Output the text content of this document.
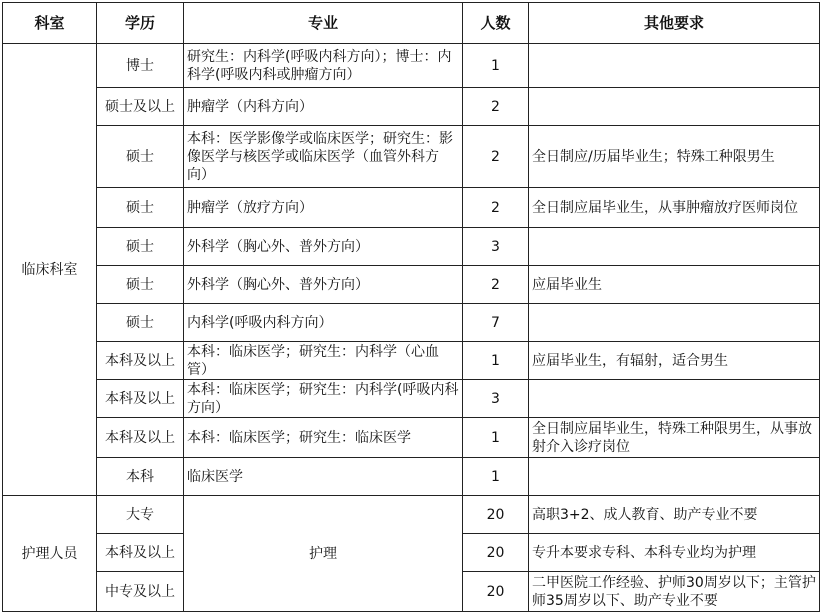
科室	学历	专业	人数	其他要求
临床科室	博士	研究生：内科学(呼吸内科方向）；博士：内科学(呼吸内科或肿瘤方向）	1	
	硕士及以上	肿瘤学（内科方向）	2	
	硕士	本科：医学影像学或临床医学；研究生：影像医学与核医学或临床医学（血管外科方向）	2	全日制应/历届毕业生；特殊工种限男生
	硕士	肿瘤学（放疗方向）	2	全日制应届毕业生，从事肿瘤放疗医师岗位
	硕士	外科学（胸心外、普外方向）	3	
	硕士	外科学（胸心外、普外方向）	2	应届毕业生
	硕士	内科学(呼吸内科方向）	7	
	本科及以上	本科：临床医学；研究生：内科学（心血管）	1	应届毕业生，有辐射，适合男生
	本科及以上	本科：临床医学；研究生：内科学(呼吸内科方向）	3	
	本科及以上	本科：临床医学；研究生：临床医学	1	全日制应届毕业生，特殊工种限男生，从事放射介入诊疗岗位
	本科	临床医学	1	
护理人员	大专	护理	20	高职3+2、成人教育、助产专业不要
	本科及以上		20	专升本要求专科、本科专业均为护理
	中专及以上		20	二甲医院工作经验、护师30周岁以下；主管护师35周岁以下、助产专业不要
